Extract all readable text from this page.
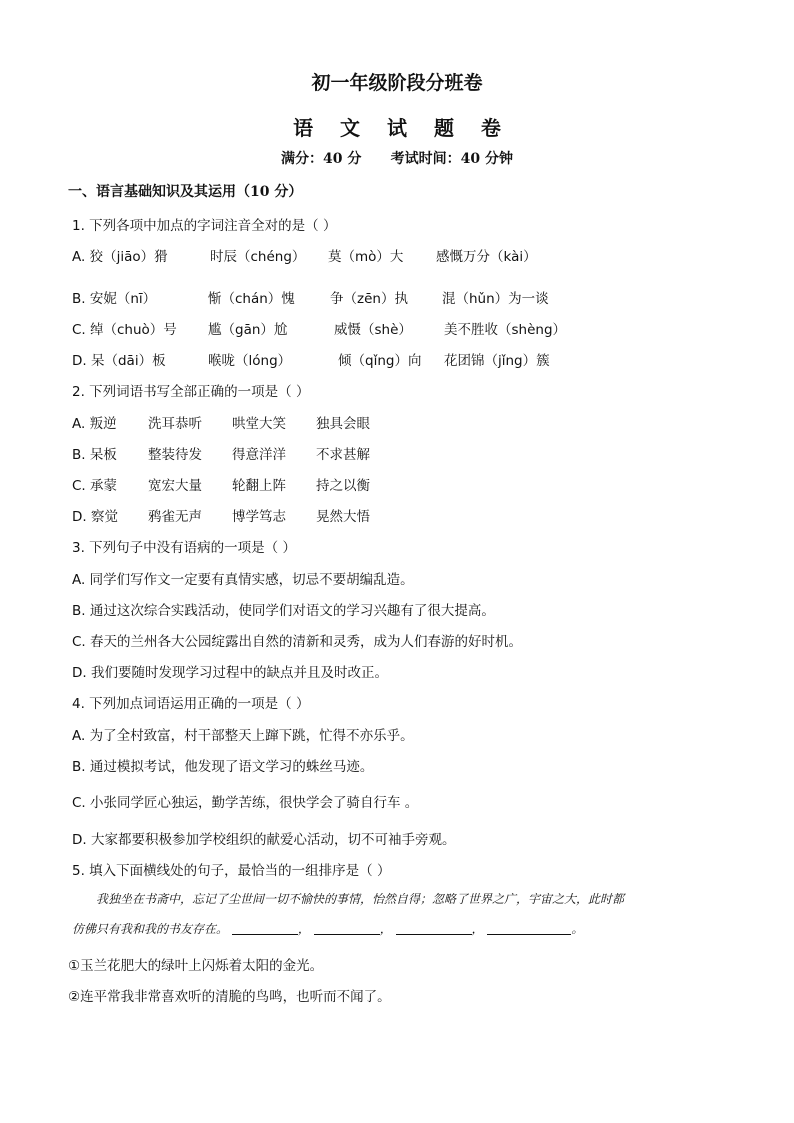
初一年级阶段分班卷
语 文 试 题 卷
满分：40 分      考试时间：40 分钟
一、语言基础知识及其运用（10 分）
1. 下列各项中加点的字词注音全对的是（ ）
A. 狡（jiāo）猾	时辰（chéng） 莫（mò）大 感慨万分（kài）
B. 安妮（nī）	惭（chán）愧	争（zēn）执	混（hǔn）为一谈
C. 绰（chuò）号 尴（gān）尬	威慑（shè） 美不胜收（shèng）
D. 呆（dāi）板	喉咙（lóng）	倾（qǐng）向 花团锦（jǐng）簇
2. 下列词语书写全部正确的一项是（ ）
A. 叛逆 洗耳恭听 哄堂大笑 独具会眼
B. 呆板 整装待发 得意洋洋 不求甚解
C. 承蒙 宽宏大量 轮翻上阵 持之以衡
D. 察觉 鸦雀无声 博学笃志 晃然大悟
3. 下列句子中没有语病的一项是（ ）
A. 同学们写作文一定要有真情实感，切忌不要胡编乱造。
B. 通过这次综合实践活动，使同学们对语文的学习兴趣有了很大提高。
C. 春天的兰州各大公园绽露出自然的清新和灵秀，成为人们春游的好时机。
D. 我们要随时发现学习过程中的缺点并且及时改正。
4. 下列加点词语运用正确的一项是（ ）
A. 为了全村致富，村干部整天上蹿下跳，忙得不亦乐乎。
B. 通过模拟考试，他发现了语文学习的蛛丝马迹。
C. 小张同学匠心独运，勤学苦练，很快学会了骑自行车 。
D. 大家都要积极参加学校组织的献爱心活动，切不可袖手旁观。
5. 填入下面横线处的句子，最恰当的一组排序是（ ）
我独坐在书斋中，忘记了尘世间一切不愉快的事情，怡然自得；忽略了世界之广，宇宙之大，此时都
仿佛只有我和我的书友存在。	，	，	，	。
①玉兰花肥大的绿叶上闪烁着太阳的金光。
②连平常我非常喜欢听的清脆的鸟鸣，也听而不闻了。
